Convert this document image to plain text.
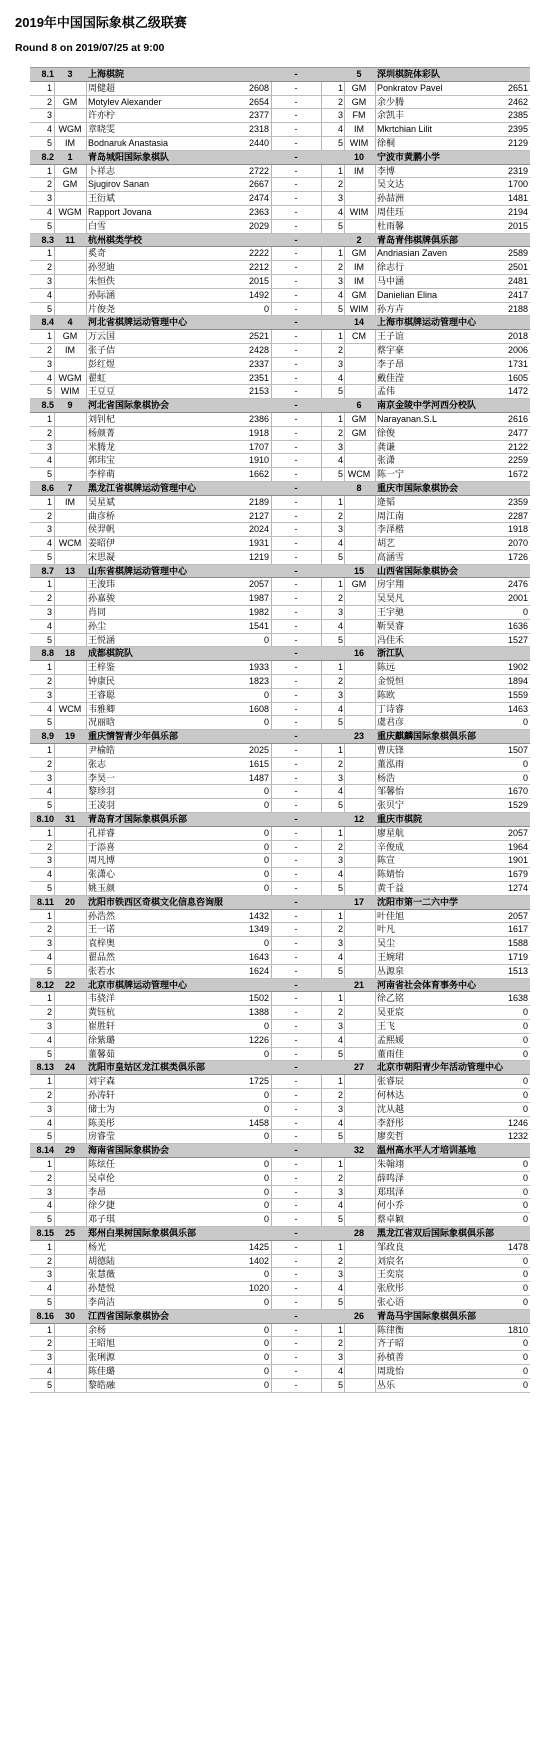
2019年中国国际象棋乙级联赛
Round 8 on 2019/07/25 at 9:00
8.1	3	上海棋院	-	5	深圳棋院体彩队
1	周健超	2608	-	1 GM	Ponkratov Pavel	2651
2	GM	Motylev Alexander	2654	-	2 GM	余少腾	2462
3	许亦柠	2377	-	3	FM	余凯丰	2385
4 WGM 章晓雯	2318	-	4	IM	Mkrtchian Lilit	2395
5	IM	Bodnaruk Anastasia	2440	-	5 WIM 徐桐	2129
8.2	1	青岛城阳国际象棋队	-	10	宁波市黄鹏小学
1	GM	卜祥志	2722	-	1	IM	李博	2319
2	GM	Sjugirov Sanan	2667	-	2	吴文达	1700
3	王衍斌	2474	-	3	孙喆洲	1481
4 WGM Rapport Jovana	2363	-	4 WIM 周佳珏	2194
5	白雪	2029	-	5	杜雨馨	2015
8.3	11	杭州棋类学校	-	2	青岛青伟棋牌俱乐部
1	奚奇	2222	-	1 GM	Andriasian Zaven	2589
2	孙翌迪	2212	-	2	IM	徐志行	2501
3	朱恒佚	2015	-	3	IM	马中涵	2481
4	孙际涵	1492	-	4 GM	Danielian Elina	2417
5	片俊尧	0	-	5 WIM 孙方卉	2188
8.4	4	河北省棋牌运动管理中心	-	14	上海市棋牌运动管理中心
1	GM	万云国	2521	-	1	CM	王子谊	2018
2	IM	张子佶	2428	-	2	蔡宇豪	2006
3	彭红煜	2337	-	3	李子昂	1731
4 WGM 翟虹	2351	-	4	戴佳滢	1605
5 WIM 王豆豆	2153	-	5	孟伟	1472
8.5	9	河北省国际象棋协会	-	6	南京金陵中学河西分校队
1	刘钊杞	2386	-	1 GM	Narayanan.S.L	2616
2	杨颜菁	1918	-	2 GM	徐俊	2477
3	米腾龙	1707	-	3	龚谦	2122
4	郭玮宝	1910	-	4	张潇	2259
5	李梓萌	1662	-	5 WCM 陈一宁	1672
8.6	7	黑龙江省棋牌运动管理中心	-	8	重庆市国际象棋协会
1	IM	吴星斌	2189	-	1	逄韬	2359
2	曲彦桥	2127	-	2	周江南	2287
3	侯羿帆	2024	-	3	李泽楷	1918
4 WCM 姜昭伊	1931	-	4	胡艺	2070
5	宋思凝	1219	-	5	高涵雪	1726
8.7	13	山东省棋牌运动管理中心	-	15	山西省国际象棋协会
1	王浚玮	2057	-	1 GM	房宇翔	2476
2	孙嘉骏	1987	-	2	吴昊凡	2001
3	肖同	1982	-	3	王宇驰	0
4	孙尘	1541	-	4	靳昊睿	1636
5	王悦涵	0	-	5	冯佳禾	1527
8.8	18	成都棋院队	-	16	浙江队
1	王梓鉴	1933	-	1	陈远	1902
2	钟康民	1823	-	2	金悦恒	1894
3	王睿聪	0	-	3	陈欧	1559
4 WCM 韦雅卿	1608	-	4	丁诗睿	1463
5	况丽晗	0	-	5	虞君彦	0
8.9	19	重庆情智青少年俱乐部	-	23	重庆麒麟国际象棋俱乐部
1	尹榆皓	2025	-	1	曹庆锋	1507
2	张志	1615	-	2	董泓雨	0
3	李昊一	1487	-	3	杨浩	0
4	黎珍羽	0	-	4	邹馨怡	1670
5	王凌羽	0	-	5	张贝宁	1529
8.10	31	青岛育才国际象棋俱乐部	-	12	重庆市棋院
1	孔祥睿	0	-	1	廖星航	2057
2	于添喜	0	-	2	辛俊成	1964
3	周凡博	0	-	3	陈宣	1901
4	张潇心	0	-	4	陈婧怡	1679
5	姚玉颜	0	-	5	黄千益	1274
8.11	20	沈阳市铁西区奇棋文化信息咨询服	-	17	沈阳市第一二六中学
1	孙浩然	1432	-	1	叶佳旭	2057
2	王一诺	1349	-	2	叶凡	1617
3	袁梓奥	0	-	3	吴尘	1588
4	翟品然	1643	-	4	王婉珺	1719
5	张若水	1624	-	5	丛源泉	1513
8.12	22	北京市棋牌运动管理中心	-	21	河南省社会体育事务中心
1	韦骁洋	1502	-	1	徐乙铭	1638
2	黄钰杭	1388	-	2	吴亚宸	0
3	崔胜轩	0	-	3	王飞	0
4	徐紫璐	1226	-	4	孟熙媛	0
5	董馨茹	0	-	5	董雨佳	0
8.13	24	沈阳市皇姑区龙江棋类俱乐部	-	27	北京市朝阳青少年活动管理中心
1	刘宇森	1725	-	1	张睿辰	0
2	孙涛轩	0	-	2	何林达	0
3	储士为	0	-	3	沈从越	0
4	陈美彤	1458	-	4	李舒彤	1246
5	房睿莹	0	-	5	廖奕哲	1232
8.14	29	海南省国际象棋协会	-	32	温州高水平人才培训基地
1	陈炫任	0	-	1	朱翰翊	0
2	吴卓伦	0	-	2	薛鸣泽	0
3	李昂	0	-	3	郑琪泽	0
4	徐夕捷	0	-	4	何小乔	0
5	邓子琪	0	-	5	蔡卓颖	0
8.15	25	郑州白果树国际象棋俱乐部	-	28	黑龙江省双后国际象棋俱乐部
1	杨光	1425	-	1	邹政良	1478
2	胡德陆	1402	-	2	刘宸名	0
3	张慧薇	0	-	3	王奕宸	0
4	孙楚悦	1020	-	4	张欣彤	0
5	李尚洁	0	-	5	张心语	0
8.16	30	江西省国际象棋协会	-	26	青岛马宇国际象棋俱乐部
1	余杨	0	-	1	陈律衡	1810
2	王昭旭	0	-	2	齐子昭	0
3	张琍源	0	-	3	孙楨善	0
4	陈佳璐	0	-	4	周珑怡	0
5	黎皓融	0	-	5	丛乐	0
